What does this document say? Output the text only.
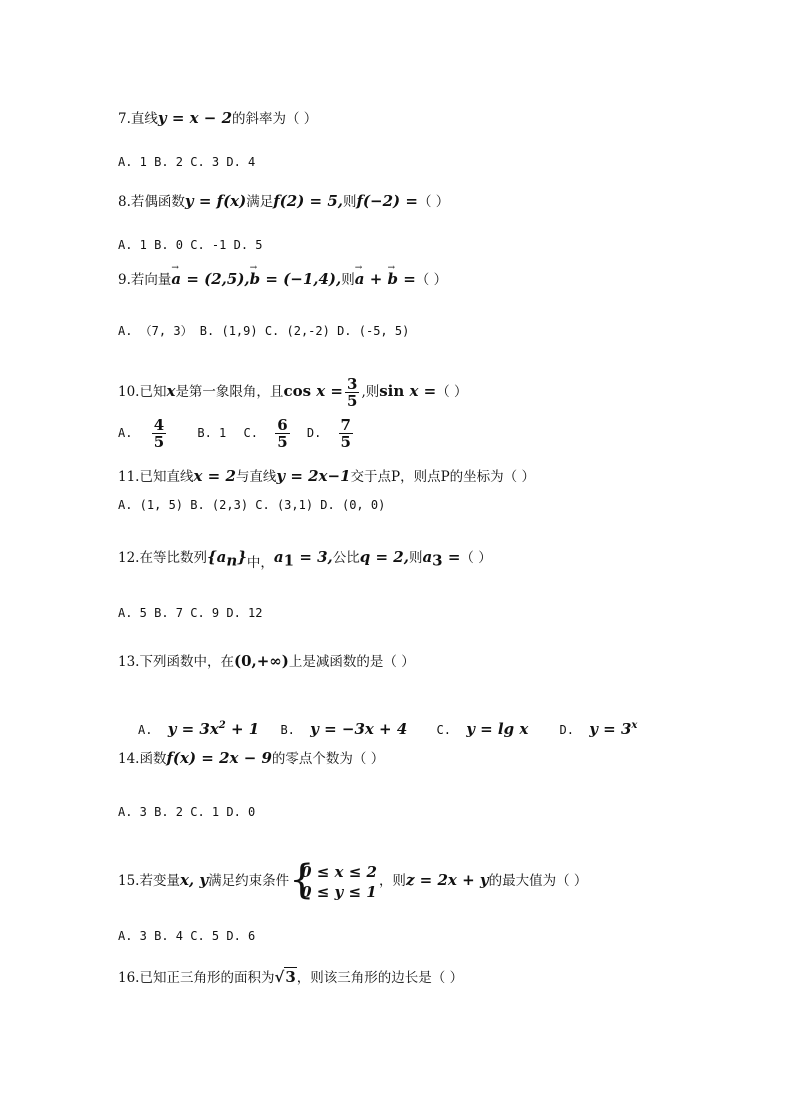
7.直线y = x − 2的斜率为（ ）
A. 1 B. 2 C. 3 D. 4
8.若偶函数y = f(x)满足f(2) = 5,则f(−2) =（ ）
A. 1 B. 0 C. -1 D. 5
9.若向量→ a = (2,5),→ b = (−1,4),则→ a + → b =（ ）
A. （7, 3） B. (1,9) C. (2,-2) D. (-5, 5)
10.已知x是第一象限角，且$\cos x = \frac{3}{5}$ ,则sin x =（ ）
A. $\frac{4}{5}$	B. 1 C. $\frac{6}{5} D$. $\frac{7}{5}$
11.已知直线x = 2与直线y = 2x−1交于点P，则点P的坐标为（ ）
A. (1, 5) B. (2,3) C. (3,1) D. (0, 0)
12.在等比数列$\{a_n\}$中，$a_1 = 3$,公比q = 2,则$a_3$ =（ ）
A. 5 B. 7 C. 9 D. 12
13.下列函数中，在(0,+∞)上是减函数的是（ ）
A. $y = 3x^2 + 1$ B. y = −3x + 4 C. y = lg x	D. $y = 3^x$
14.函数f(x) = 2x − 9的零点个数为（ ）
A. 3 B. 2 C. 1 D. 0
15.若变量x, y满足约束条件 {
0 ≤ x ≤ 2
0 ≤ y ≤ 1
，则z = 2x + y的最大值为（ ）
A. 3 B. 4 C. 5 D. 6
16.已知正三角形的面积为√3，则该三角形的边长是（ ）
